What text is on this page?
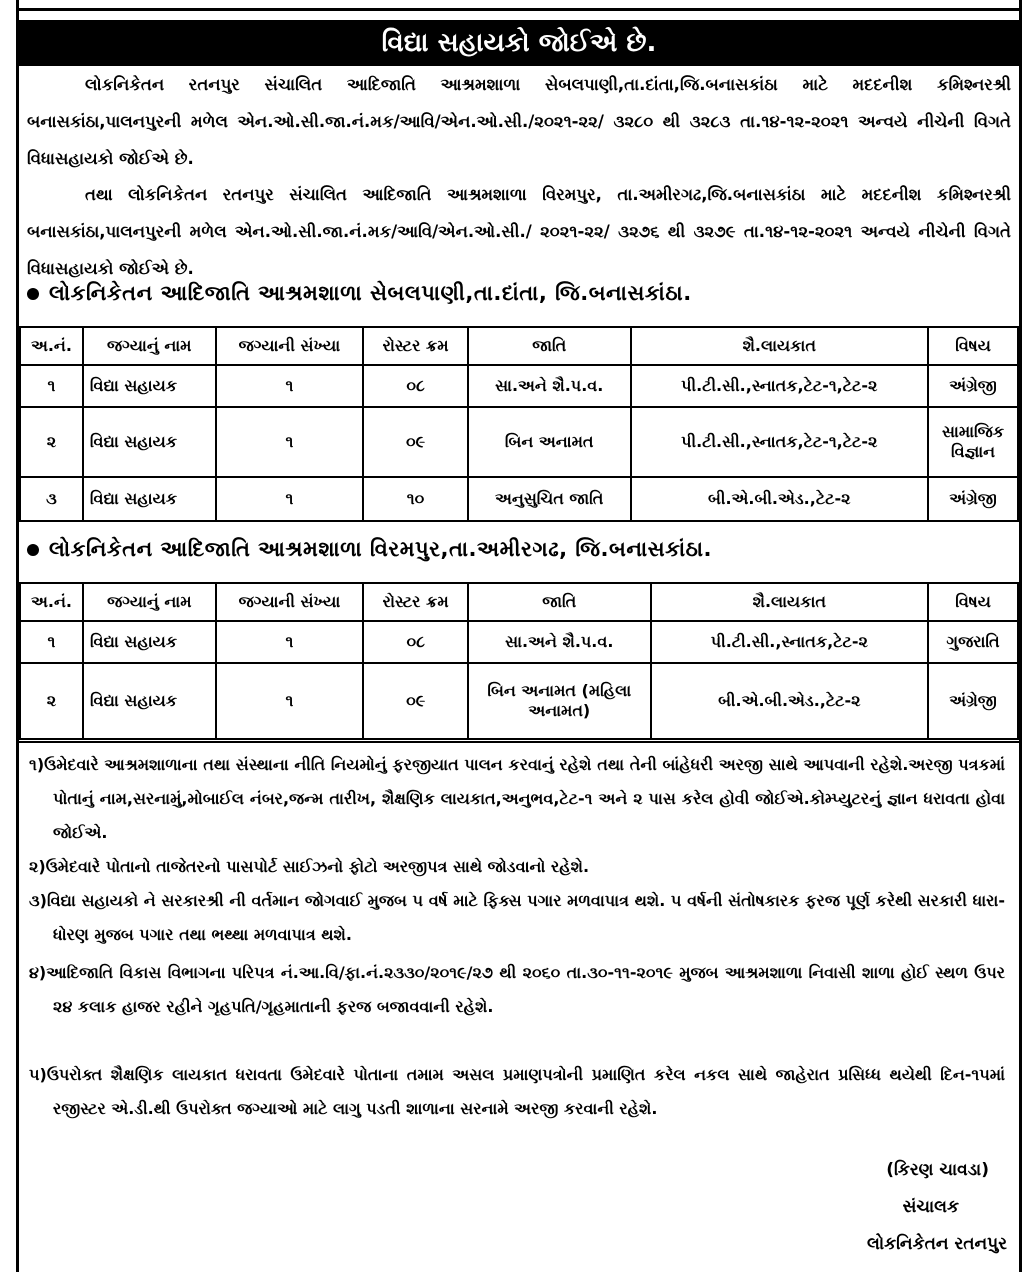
વિદ્યા સહાયકો જોઈએ છે.
લોકનિકેતન રતનપુર સંચાલિત આદિજાતિ આશ્રમશાળા સેબલપાણી,તા.દાંતા,જિ.બનાસકાંઠા માટે મદદનીશ કમિશ્નરશ્રી બનાસકાંઠા,પાલનપુરની મળેલ એન.ઓ.સી.જા.નં.મક/આવિ/એન.ઓ.સી./૨૦૨૧-૨૨/ ૩૨૮૦ થી ૩૨૮૩ તા.૧૪-૧૨-૨૦૨૧ અન્વયે નીચેની વિગતે વિધાસહાયકો જોઈએ છે.
તથા લોકનિકેતન રતનપુર સંચાલિત આદિજાતિ આશ્રમશાળા વિરમપુર, તા.અમીરગઢ,જિ.બનાસકાંઠા માટે મદદનીશ કમિશ્નરશ્રી બનાસકાંઠા,પાલનપુરની મળેલ એન.ઓ.સી.જા.નં.મક/આવિ/એન.ઓ.સી./ ૨૦૨૧-૨૨/ ૩૨૭૬ થી ૩૨૭૯ તા.૧૪-૧૨-૨૦૨૧ અન્વયે નીચેની વિગતે વિધાસહાયકો જોઈએ છે.
લોકનિકેતન આદિજાતિ આશ્રમશાળા સેબલપાણી,તા.દાંતા, જિ.બનાસકાંઠા.
અ.નં.	જગ્યાનું નામ	જગ્યાની સંખ્યા	રોસ્ટર ક્રમ	જાતિ	શૈ.લાયકાત	વિષય
૧	વિદ્યા સહાયક	૧	૦૮	સા.અને શૈ.પ.વ.	પી.ટી.સી.,સ્નાતક,ટેટ-૧,ટેટ-૨	અંગ્રેજી
૨	વિદ્યા સહાયક	૧	૦૯	બિન અનામત	પી.ટી.સી.,સ્નાતક,ટેટ-૧,ટેટ-૨	સામાજિક વિજ્ઞાન
૩	વિદ્યા સહાયક	૧	૧૦	અનુસુચિત જાતિ	બી.એ.બી.એડ.,ટેટ-૨	અંગ્રેજી
લોકનિકેતન આદિજાતિ આશ્રમશાળા વિરમપુર,તા.અમીરગઢ, જિ.બનાસકાંઠા.
અ.નં.	જગ્યાનું નામ	જગ્યાની સંખ્યા	રોસ્ટર ક્રમ	જાતિ	શૈ.લાયકાત	વિષય
૧	વિદ્યા સહાયક	૧	૦૮	સા.અને શૈ.પ.વ.	પી.ટી.સી.,સ્નાતક,ટેટ-૨	ગુજરાતિ
૨	વિદ્યા સહાયક	૧	૦૯	બિન અનામત (મહિલા અનામત)	બી.એ.બી.એડ.,ટેટ-૨	અંગ્રેજી
૧)ઉમેદવારે આશ્રમશાળાના તથા સંસ્થાના નીતિ નિયમોનું ફરજીયાત પાલન કરવાનું રહેશે તથા તેની બાંહેધરી અરજી સાથે આપવાની રહેશે.અરજી પત્રકમાં પોતાનું નામ,સરનામું,મોબાઈલ નંબર,જન્મ તારીખ, શૈક્ષણિક લાયકાત,અનુભવ,ટેટ-૧ અને ૨ પાસ કરેલ હોવી જોઈએ.કોમ્પ્યુટરનું જ્ઞાન ધરાવતા હોવા જોઈએ.
૨)ઉમેદવારે પોતાનો તાજેતરનો પાસપોર્ટ સાઈઝનો ફોટો અરજીપત્ર સાથે જોડવાનો રહેશે.
૩)વિદ્યા સહાયકો ને સરકારશ્રી ની વર્તમાન જોગવાઈ મુજબ ૫ વર્ષ માટે ફિક્સ પગાર મળવાપાત્ર થશે. ૫ વર્ષની સંતોષકારક ફરજ પૂર્ણ કરેથી સરકારી ધારા-ધોરણ મુજબ પગાર તથા ભથ્થા મળવાપાત્ર થશે.
૪)આદિજાતિ વિકાસ વિભાગના પરિપત્ર નં.આ.વિ/ફા.નં.૨૩૩૦/૨૦૧૯/૨૭ થી ૨૦૬૦ તા.૩૦-૧૧-૨૦૧૯ મુજબ આશ્રમશાળા નિવાસી શાળા હોઈ સ્થળ ઉપર ૨૪ કલાક હાજર રહીને ગૃહપતિ/ગૃહમાતાની ફરજ બજાવવાની રહેશે.
૫)ઉપરોક્ત શૈક્ષણિક લાયકાત ધરાવતા ઉમેદવારે પોતાના તમામ અસલ પ્રમાણપત્રોની પ્રમાણિત કરેલ નકલ સાથે જાહેરાત પ્રસિધ્ધ થયેથી દિન-૧૫માં રજીસ્ટર એ.ડી.થી ઉપરોક્ત જગ્યાઓ માટે લાગુ પડતી શાળાના સરનામે અરજી કરવાની રહેશે.
(કિરણ ચાવડા)
સંચાલક
લોકનિકેતન રતનપુર
